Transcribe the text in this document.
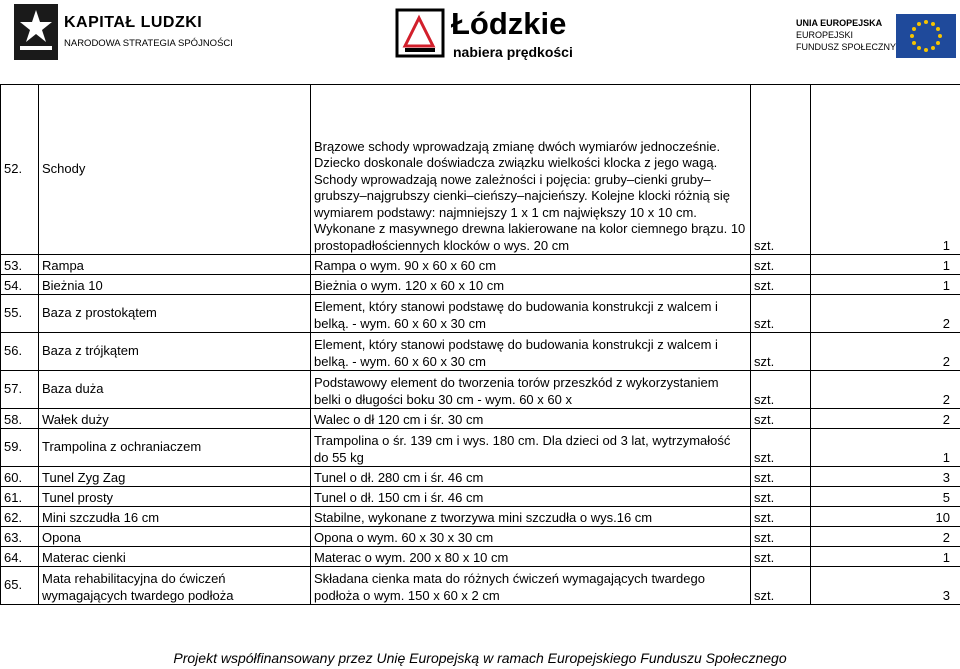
KAPITAŁ LUDZKI
NARODOWA STRATEGIA SPÓJNOŚCI
Łódzkie
nabiera prędkości
UNIA EUROPEJSKA
EUROPEJSKI
FUNDUSZ SPOŁECZNY
52.	Schody	Brązowe schody wprowadzają zmianę dwóch wymiarów jednocześnie. Dziecko doskonale doświadcza związku wielkości klocka z jego wagą. Schody wprowadzają nowe zależności i pojęcia: gruby–cienki gruby–grubszy–najgrubszy cienki–cieńszy–najcieńszy. Kolejne klocki różnią się wymiarem podstawy: najmniejszy 1 x 1 cm największy 10 x 10 cm. Wykonane z masywnego drewna lakierowane na kolor ciemnego brązu. 10 prostopadłościennych klocków o wys. 20 cm	szt.	1
53.	Rampa	Rampa o wym. 90 x 60 x 60 cm	szt.	1
54.	Bieżnia 10	Bieżnia o wym. 120 x 60 x 10 cm	szt.	1
55.	Baza z prostokątem	Element, który stanowi podstawę do budowania konstrukcji z walcem i belką. - wym. 60 x 60 x 30 cm	szt.	2
56.	Baza z trójkątem	Element, który stanowi podstawę do budowania konstrukcji z walcem i belką. - wym. 60 x 60 x 30 cm	szt.	2
57.	Baza duża	Podstawowy element do tworzenia torów przeszkód z wykorzystaniem belki o długości boku 30 cm - wym. 60 x 60 x	szt.	2
58.	Wałek duży	Walec o dł 120 cm i śr. 30 cm	szt.	2
59.	Trampolina z ochraniaczem	Trampolina o śr. 139 cm i wys. 180 cm. Dla dzieci od 3 lat, wytrzymałość do 55 kg	szt.	1
60.	Tunel Zyg Zag	Tunel o dł. 280 cm i śr. 46 cm	szt.	3
61.	Tunel prosty	Tunel o dł. 150 cm i śr. 46 cm	szt.	5
62.	Mini szczudła 16 cm	Stabilne, wykonane z tworzywa mini szczudła o wys.16 cm	szt.	10
63.	Opona	Opona o wym. 60 x 30 x 30 cm	szt.	2
64.	Materac cienki	Materac o wym. 200 x 80 x 10 cm	szt.	1
65.	Mata rehabilitacyjna do ćwiczeń wymagających twardego podłoża	Składana cienka mata do różnych ćwiczeń wymagających twardego podłoża o wym. 150 x 60 x 2 cm	szt.	3
Projekt współfinansowany przez Unię Europejską w ramach Europejskiego Funduszu Społecznego
